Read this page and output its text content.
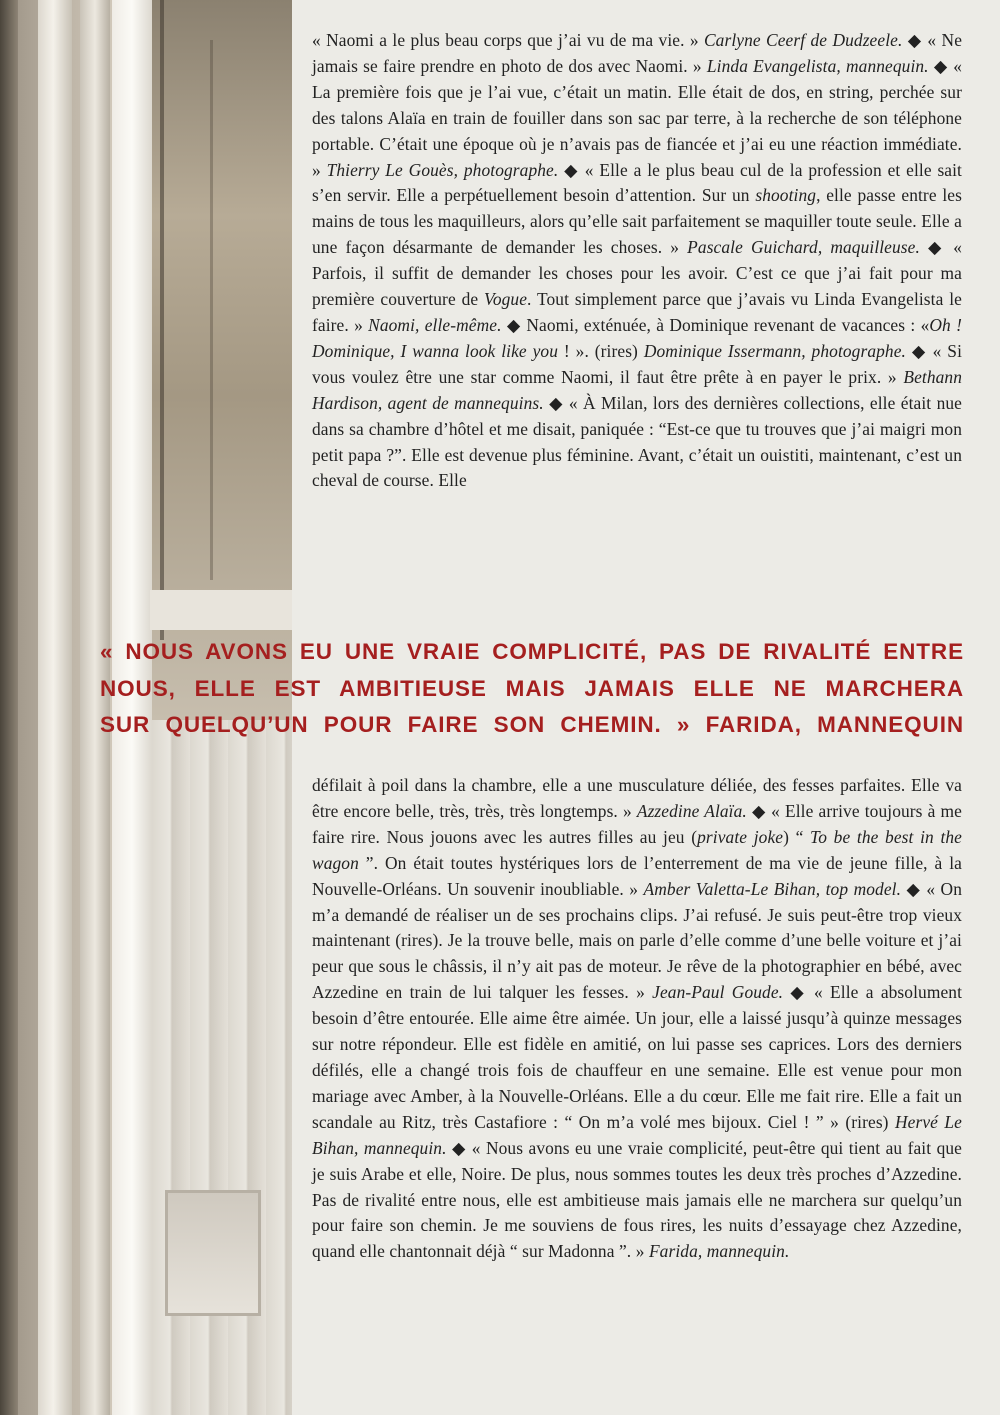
« Naomi a le plus beau corps que j’ai vu de ma vie. » Carlyne Ceerf de Dudzeele. ◆ « Ne jamais se faire prendre en photo de dos avec Naomi. » Linda Evangelista, mannequin. ◆ « La première fois que je l’ai vue, c’était un matin. Elle était de dos, en string, perchée sur des talons Alaïa en train de fouiller dans son sac par terre, à la recherche de son téléphone portable. C’était une époque où je n’avais pas de fiancée et j’ai eu une réaction immédiate. » Thierry Le Gouès, photographe. ◆ « Elle a le plus beau cul de la profession et elle sait s’en servir. Elle a perpétuellement besoin d’attention. Sur un shooting, elle passe entre les mains de tous les maquilleurs, alors qu’elle sait parfaitement se maquiller toute seule. Elle a une façon désarmante de demander les choses. » Pascale Guichard, maquilleuse. ◆ « Parfois, il suffit de demander les choses pour les avoir. C’est ce que j’ai fait pour ma première couverture de Vogue. Tout simplement parce que j’avais vu Linda Evangelista le faire. » Naomi, elle-même. ◆ Naomi, exténuée, à Dominique revenant de vacances : «Oh ! Dominique, I wanna look like you ! ». (rires) Dominique Issermann, photographe. ◆ « Si vous voulez être une star comme Naomi, il faut être prête à en payer le prix. » Bethann Hardison, agent de mannequins. ◆ « À Milan, lors des dernières collections, elle était nue dans sa chambre d’hôtel et me disait, paniquée : “Est-ce que tu trouves que j’ai maigri mon petit papa ?”. Elle est devenue plus féminine. Avant, c’était un ouistiti, maintenant, c’est un cheval de course. Elle

« NOUS AVONS EU UNE VRAIE COMPLICITÉ, PAS DE RIVALITÉ ENTRE
NOUS, ELLE EST AMBITIEUSE MAIS JAMAIS ELLE NE MARCHERA
SUR QUELQU’UN POUR FAIRE SON CHEMIN. » FARIDA, MANNEQUIN

défilait à poil dans la chambre, elle a une musculature déliée, des fesses parfaites. Elle va être encore belle, très, très, très longtemps. » Azzedine Alaïa. ◆ « Elle arrive toujours à me faire rire. Nous jouons avec les autres filles au jeu (private joke) “ To be the best in the wagon ”. On était toutes hystériques lors de l’enterrement de ma vie de jeune fille, à la Nouvelle-Orléans. Un souvenir inoubliable. » Amber Valetta-Le Bihan, top model. ◆ « On m’a demandé de réaliser un de ses prochains clips. J’ai refusé. Je suis peut-être trop vieux maintenant (rires). Je la trouve belle, mais on parle d’elle comme d’une belle voiture et j’ai peur que sous le châssis, il n’y ait pas de moteur. Je rêve de la photographier en bébé, avec Azzedine en train de lui talquer les fesses. » Jean-Paul Goude. ◆ « Elle a absolument besoin d’être entourée. Elle aime être aimée. Un jour, elle a laissé jusqu’à quinze messages sur notre répondeur. Elle est fidèle en amitié, on lui passe ses caprices. Lors des derniers défilés, elle a changé trois fois de chauffeur en une semaine. Elle est venue pour mon mariage avec Amber, à la Nouvelle-Orléans. Elle a du cœur. Elle me fait rire. Elle a fait un scandale au Ritz, très Castafiore : “ On m’a volé mes bijoux. Ciel ! ” » (rires) Hervé Le Bihan, mannequin. ◆ « Nous avons eu une vraie complicité, peut-être qui tient au fait que je suis Arabe et elle, Noire. De plus, nous sommes toutes les deux très proches d’Azzedine. Pas de rivalité entre nous, elle est ambitieuse mais jamais elle ne marchera sur quelqu’un pour faire son chemin. Je me souviens de fous rires, les nuits d’essayage chez Azzedine, quand elle chantonnait déjà “ sur Madonna ”. » Farida, mannequin.
